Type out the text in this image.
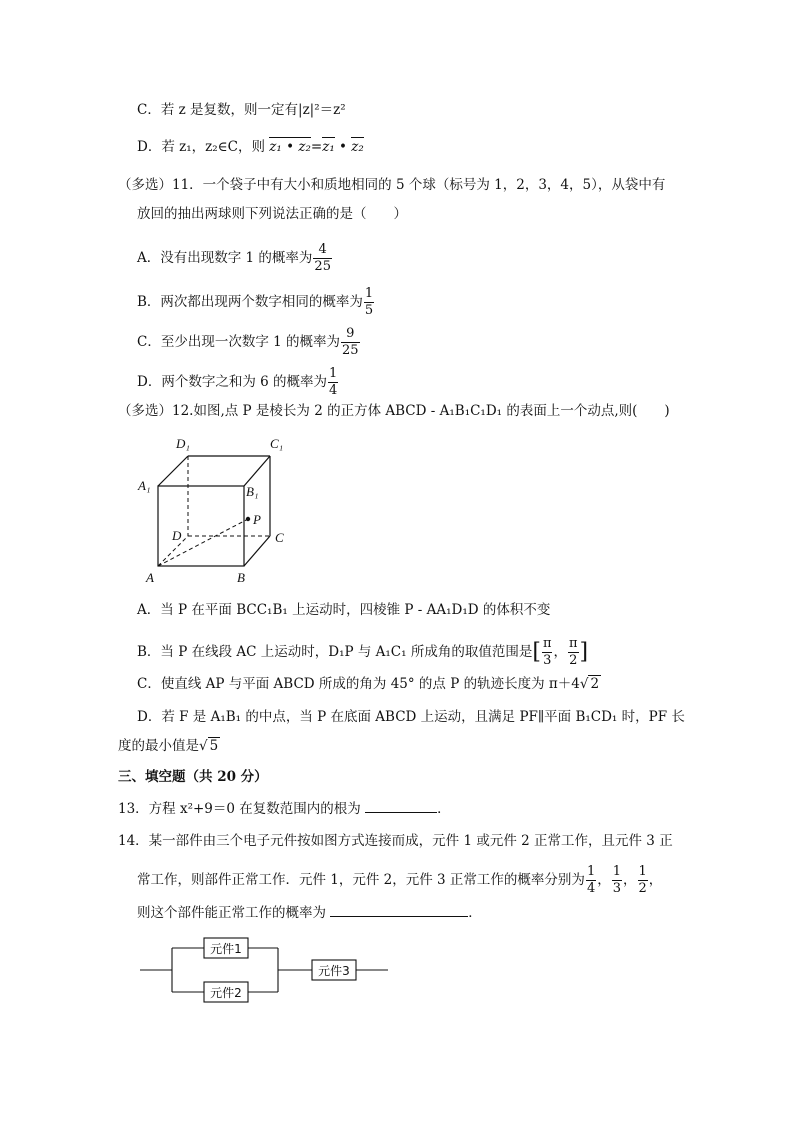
C．若 z 是复数，则一定有|z|²＝z²
D．若 z₁，z₂∈C，则 z₁ • z₂=z₁ • z₂
（多选）11．一个袋子中有大小和质地相同的 5 个球（标号为 1，2，3，4，5），从袋中有
放回的抽出两球则下列说法正确的是（　　）
A．没有出现数字 1 的概率为 $\frac{4}{25}$
B．两次都出现两个数字相同的概率为 $\frac{1}{5}$
C．至少出现一次数字 1 的概率为 $\frac{9}{25}$
D．两个数字之和为 6 的概率为 $\frac{1}{4}$
（多选）12.如图,点 P 是棱长为 2 的正方体 ABCD - A₁B₁C₁D₁ 的表面上一个动点,则(　　)
D₁	C₁
A₁	B₁
P
D	C
A	B
A．当 P 在平面 BCC₁B₁ 上运动时，四棱锥 P - AA₁D₁D 的体积不变
B．当 P 在线段 AC 上运动时，D₁P 与 A₁C₁ 所成角的取值范围是[ $\frac{\pi}{3}$ ， $\frac{\pi}{2}$ ]
C．使直线 AP 与平面 ABCD 所成的角为 45° 的点 P 的轨迹长度为 π＋4√ 2
D．若 F 是 A₁B₁ 的中点，当 P 在底面 ABCD 上运动，且满足 PF∥平面 B₁CD₁ 时，PF 长
度的最小值是√ 5
三、填空题（共 20 分）
13．方程 x²+9＝0 在复数范围内的根为	．
14．某一部件由三个电子元件按如图方式连接而成，元件 1 或元件 2 正常工作，且元件 3 正
常工作，则部件正常工作．元件 1，元件 2，元件 3 正常工作的概率分别为 $\frac{1}{4}$ ， $\frac{1}{3}$ ， $\frac{1}{2}$ ，
则这个部件能正常工作的概率为	．
元件1
元件2
元件3
